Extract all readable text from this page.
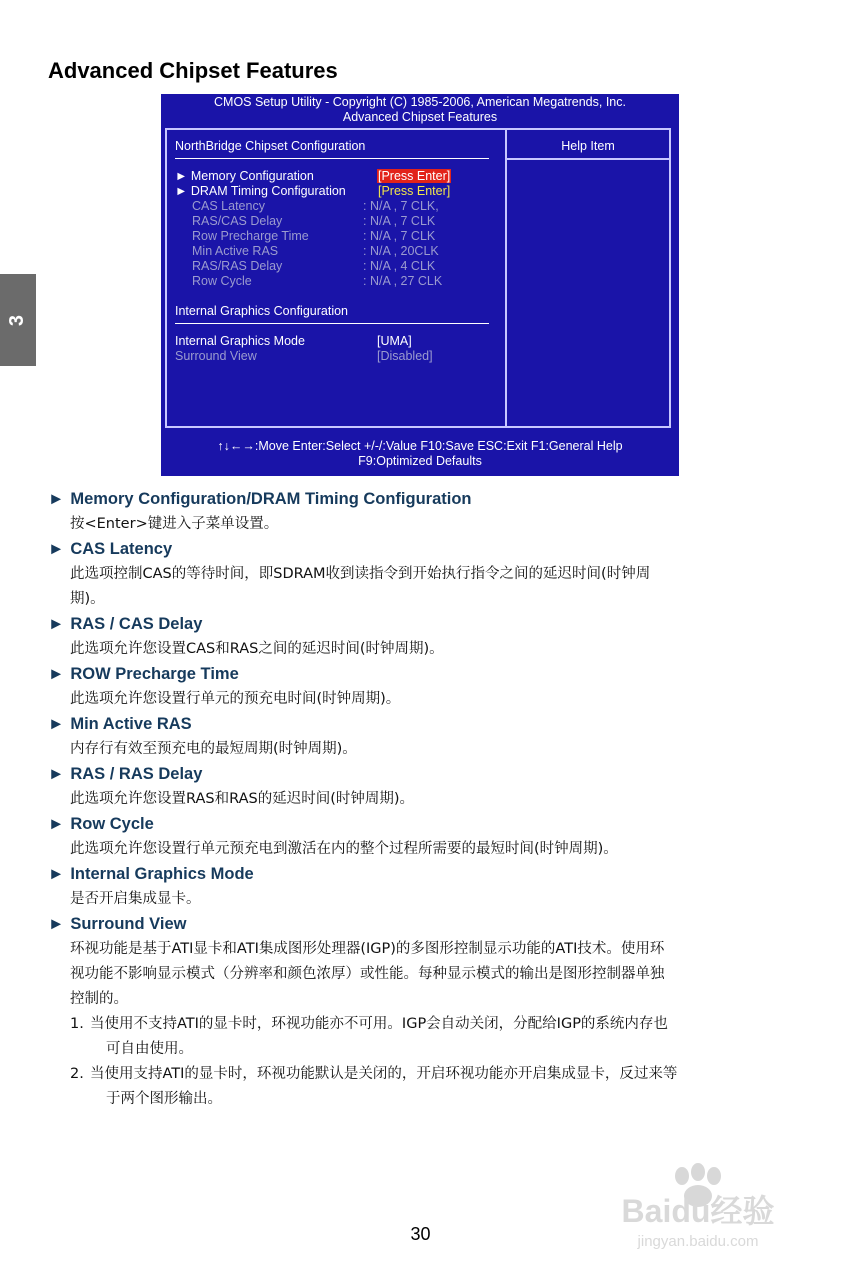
Advanced Chipset Features
3
CMOS Setup Utility - Copyright (C) 1985-2006, American Megatrends, Inc.
Advanced Chipset Features
Help Item
NorthBridge Chipset Configuration
► Memory Configuration	[Press Enter]
► DRAM Timing Configuration	[Press Enter]
CAS Latency	: N/A , 7 CLK,
RAS/CAS Delay	: N/A , 7 CLK
Row Precharge Time	: N/A , 7 CLK
Min Active RAS	: N/A , 20CLK
RAS/RAS Delay	: N/A , 4 CLK
Row Cycle	: N/A , 27 CLK
Internal Graphics Configuration
Internal Graphics Mode	[UMA]
Surround View	[Disabled]
↑↓←→:Move Enter:Select +/-/:Value F10:Save ESC:Exit F1:General Help
F9:Optimized Defaults
► Memory Configuration/DRAM Timing Configuration
按<Enter>键进入子菜单设置。
► CAS Latency
此选项控制CAS的等待时间，即SDRAM收到读指令到开始执行指令之间的延迟时间(时钟周
期)。
► RAS / CAS Delay
此选项允许您设置CAS和RAS之间的延迟时间(时钟周期)。
► ROW Precharge Time
此选项允许您设置行单元的预充电时间(时钟周期)。
► Min Active RAS
内存行有效至预充电的最短周期(时钟周期)。
► RAS / RAS Delay
此选项允许您设置RAS和RAS的延迟时间(时钟周期)。
► Row Cycle
此选项允许您设置行单元预充电到激活在内的整个过程所需要的最短时间(时钟周期)。
► Internal Graphics Mode
是否开启集成显卡。
► Surround View
环视功能是基于ATI显卡和ATI集成图形处理器(IGP)的多图形控制显示功能的ATI技术。使用环
视功能不影响显示模式（分辨率和颜色浓厚）或性能。每种显示模式的输出是图形控制器单独
控制的。
1. 当使用不支持ATI的显卡时，环视功能亦不可用。IGP会自动关闭，分配给IGP的系统内存也
可自由使用。
2. 当使用支持ATI的显卡时，环视功能默认是关闭的，开启环视功能亦开启集成显卡，反过来等
于两个图形输出。
Baidu经验
jingyan.baidu.com
30
